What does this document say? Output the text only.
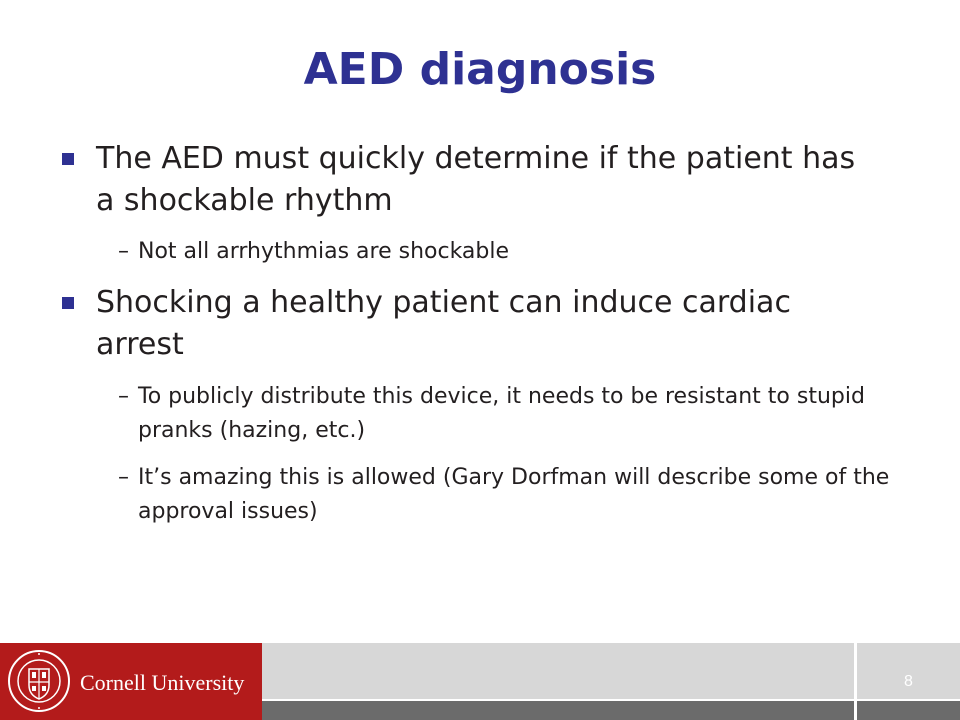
AED diagnosis
The AED must quickly determine if the patient has a shockable rhythm
– Not all arrhythmias are shockable
Shocking a healthy patient can induce cardiac arrest
– To publicly distribute this device, it needs to be resistant to stupid pranks (hazing, etc.)
– It’s amazing this is allowed (Gary Dorfman will describe some of the approval issues)
Cornell University	8
